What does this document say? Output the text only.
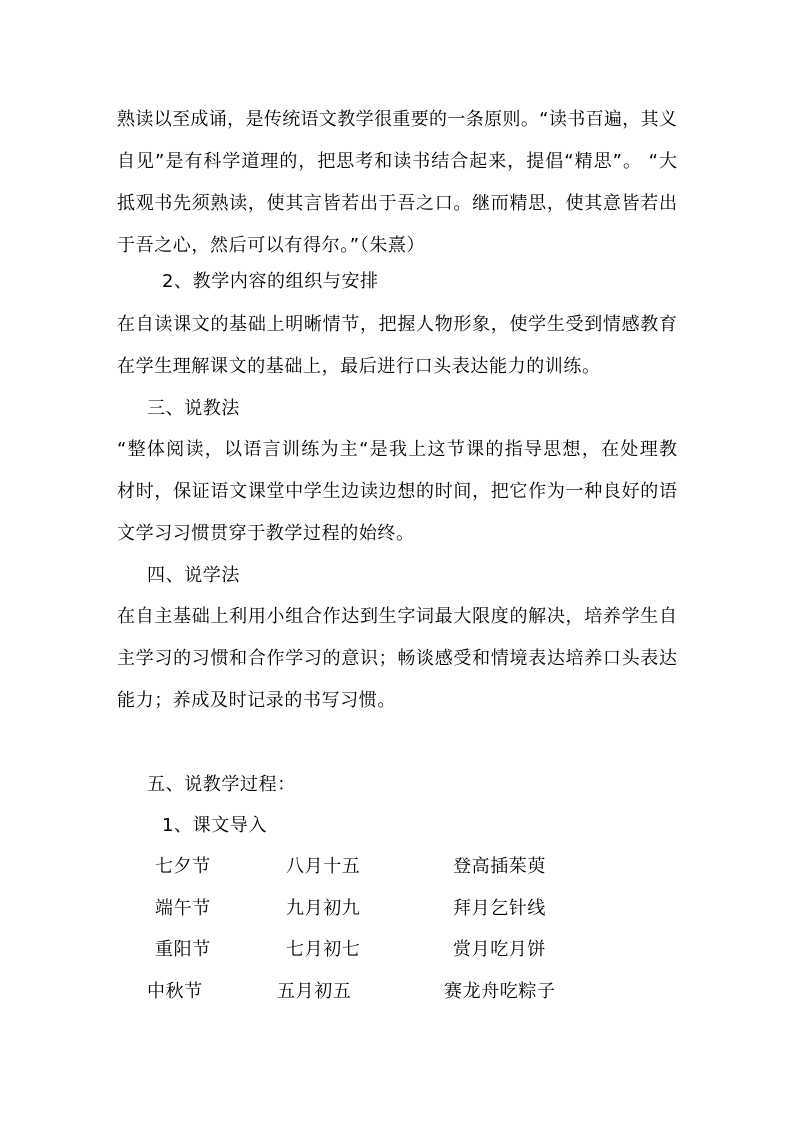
熟读以至成诵，是传统语文教学很重要的一条原则。“读书百遍，其义
自见”是有科学道理的，把思考和读书结合起来，提倡“精思”。 “大
抵观书先须熟读，使其言皆若出于吾之口。继而精思，使其意皆若出
于吾之心，然后可以有得尔。”（朱熹）
2、教学内容的组织与安排
在自读课文的基础上明晰情节，把握人物形象，使学生受到情感教育
在学生理解课文的基础上，最后进行口头表达能力的训练。
三、说教法
“整体阅读，以语言训练为主“是我上这节课的指导思想，在处理教
材时，保证语文课堂中学生边读边想的时间，把它作为一种良好的语
文学习习惯贯穿于教学过程的始终。
四、说学法
在自主基础上利用小组合作达到生字词最大限度的解决，培养学生自
主学习的习惯和合作学习的意识；畅谈感受和情境表达培养口头表达
能力；养成及时记录的书写习惯。
五、说教学过程：
1、课文导入
七夕节	八月十五	登高插茱萸
端午节	九月初九	拜月乞针线
重阳节	七月初七	赏月吃月饼
中秋节	五月初五	赛龙舟吃粽子
